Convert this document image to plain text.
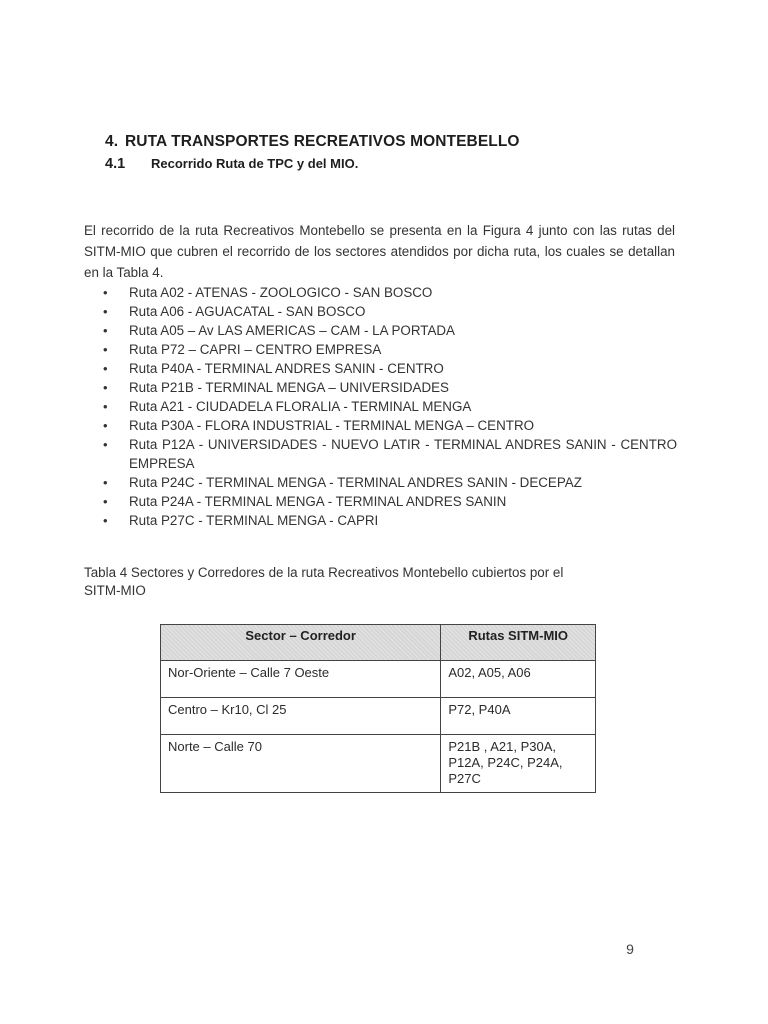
4. RUTA TRANSPORTES RECREATIVOS MONTEBELLO
4.1 Recorrido Ruta de TPC y del MIO.

El recorrido de la ruta Recreativos Montebello se presenta en la Figura 4 junto con las rutas del SITM-MIO que cubren el recorrido de los sectores atendidos por dicha ruta, los cuales se detallan en la Tabla 4.

•	Ruta A02 - ATENAS - ZOOLOGICO - SAN BOSCO
•	Ruta A06 - AGUACATAL - SAN BOSCO
•	Ruta A05 – Av LAS AMERICAS – CAM - LA PORTADA
•	Ruta P72 – CAPRI – CENTRO EMPRESA
•	Ruta P40A - TERMINAL ANDRES SANIN - CENTRO
•	Ruta P21B - TERMINAL MENGA – UNIVERSIDADES
•	Ruta A21 - CIUDADELA FLORALIA - TERMINAL MENGA
•	Ruta P30A - FLORA INDUSTRIAL - TERMINAL MENGA – CENTRO
•	Ruta P12A - UNIVERSIDADES - NUEVO LATIR - TERMINAL ANDRES SANIN - CENTRO EMPRESA
•	Ruta P24C - TERMINAL MENGA - TERMINAL ANDRES SANIN - DECEPAZ
•	Ruta P24A - TERMINAL MENGA - TERMINAL ANDRES SANIN
•	Ruta P27C - TERMINAL MENGA - CAPRI
Tabla 4 Sectores y Corredores de la ruta Recreativos Montebello cubiertos por el SITM-MIO
Sector – Corredor	Rutas SITM-MIO
Nor-Oriente – Calle 7 Oeste	A02, A05, A06
Centro – Kr10, Cl 25	P72, P40A
Norte – Calle 70	P21B , A21, P30A, P12A, P24C, P24A, P27C
9
